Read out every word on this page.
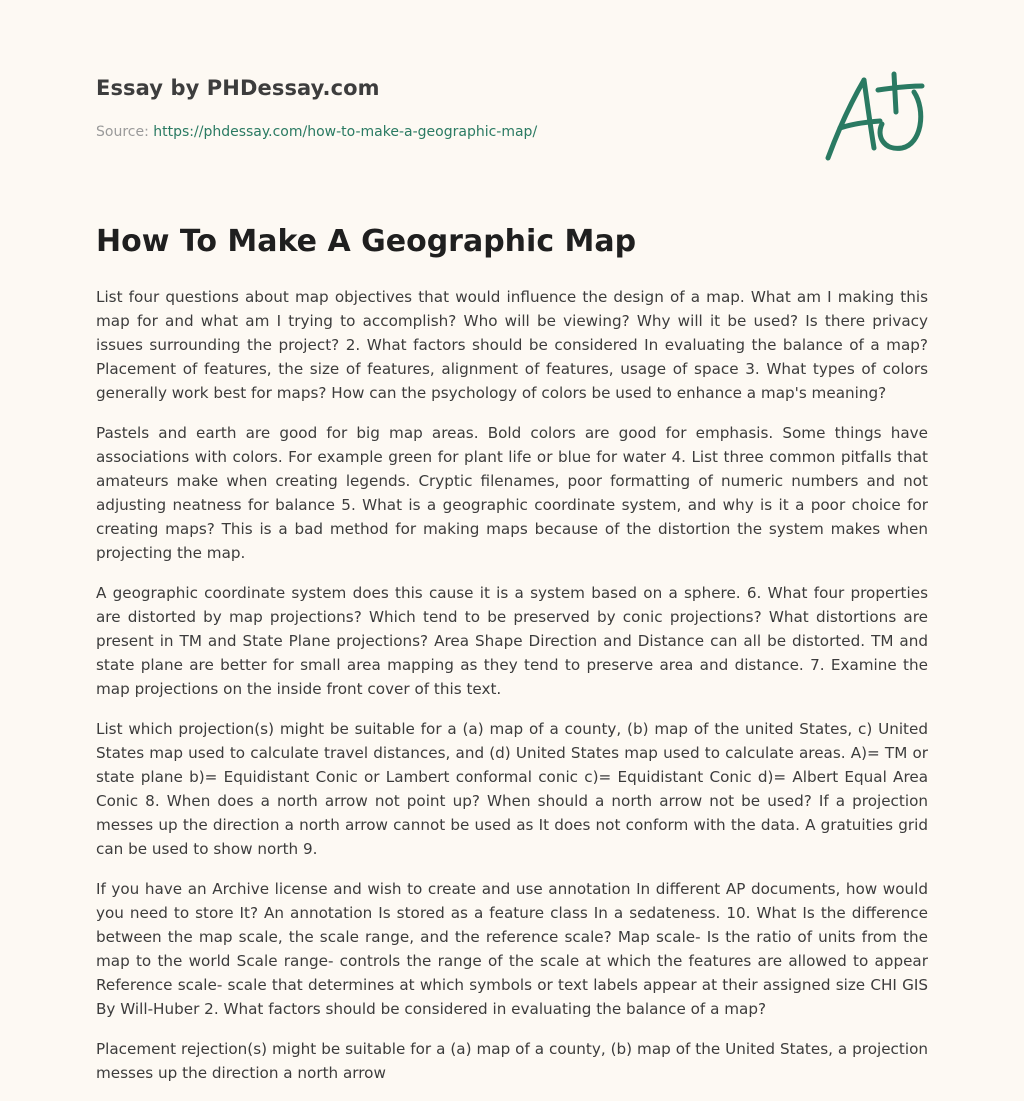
Essay by PHDessay.com
Source: https://phdessay.com/how-to-make-a-geographic-map/
How To Make A Geographic Map

List four questions about map objectives that would influence the design of a map. What am I making this map for and what am I trying to accomplish? Who will be viewing? Why will it be used? Is there privacy issues surrounding the project? 2. What factors should be considered In evaluating the balance of a map? Placement of features, the size of features, alignment of features, usage of space 3. What types of colors generally work best for maps? How can the psychology of colors be used to enhance a map's meaning?

Pastels and earth are good for big map areas. Bold colors are good for emphasis. Some things have associations with colors. For example green for plant life or blue for water 4. List three common pitfalls that amateurs make when creating legends. Cryptic filenames, poor formatting of numeric numbers and not adjusting neatness for balance 5. What is a geographic coordinate system, and why is it a poor choice for creating maps? This is a bad method for making maps because of the distortion the system makes when projecting the map.

A geographic coordinate system does this cause it is a system based on a sphere. 6. What four properties are distorted by map projections? Which tend to be preserved by conic projections? What distortions are present in TM and State Plane projections? Area Shape Direction and Distance can all be distorted. TM and state plane are better for small area mapping as they tend to preserve area and distance. 7. Examine the map projections on the inside front cover of this text.

List which projection(s) might be suitable for a (a) map of a county, (b) map of the united States, c) United States map used to calculate travel distances, and (d) United States map used to calculate areas. A)= TM or state plane b)= Equidistant Conic or Lambert conformal conic c)= Equidistant Conic d)= Albert Equal Area Conic 8. When does a north arrow not point up? When should a north arrow not be used? If a projection messes up the direction a north arrow cannot be used as It does not conform with the data. A gratuities grid can be used to show north 9.

If you have an Archive license and wish to create and use annotation In different AP documents, how would you need to store It? An annotation Is stored as a feature class In a sedateness. 10. What Is the difference between the map scale, the scale range, and the reference scale? Map scale- Is the ratio of units from the map to the world Scale range- controls the range of the scale at which the features are allowed to appear Reference scale- scale that determines at which symbols or text labels appear at their assigned size CHI GIS By Will-Huber 2. What factors should be considered in evaluating the balance of a map?

Placement rejection(s) might be suitable for a (a) map of a county, (b) map of the United States, a projection messes up the direction a north arrow
